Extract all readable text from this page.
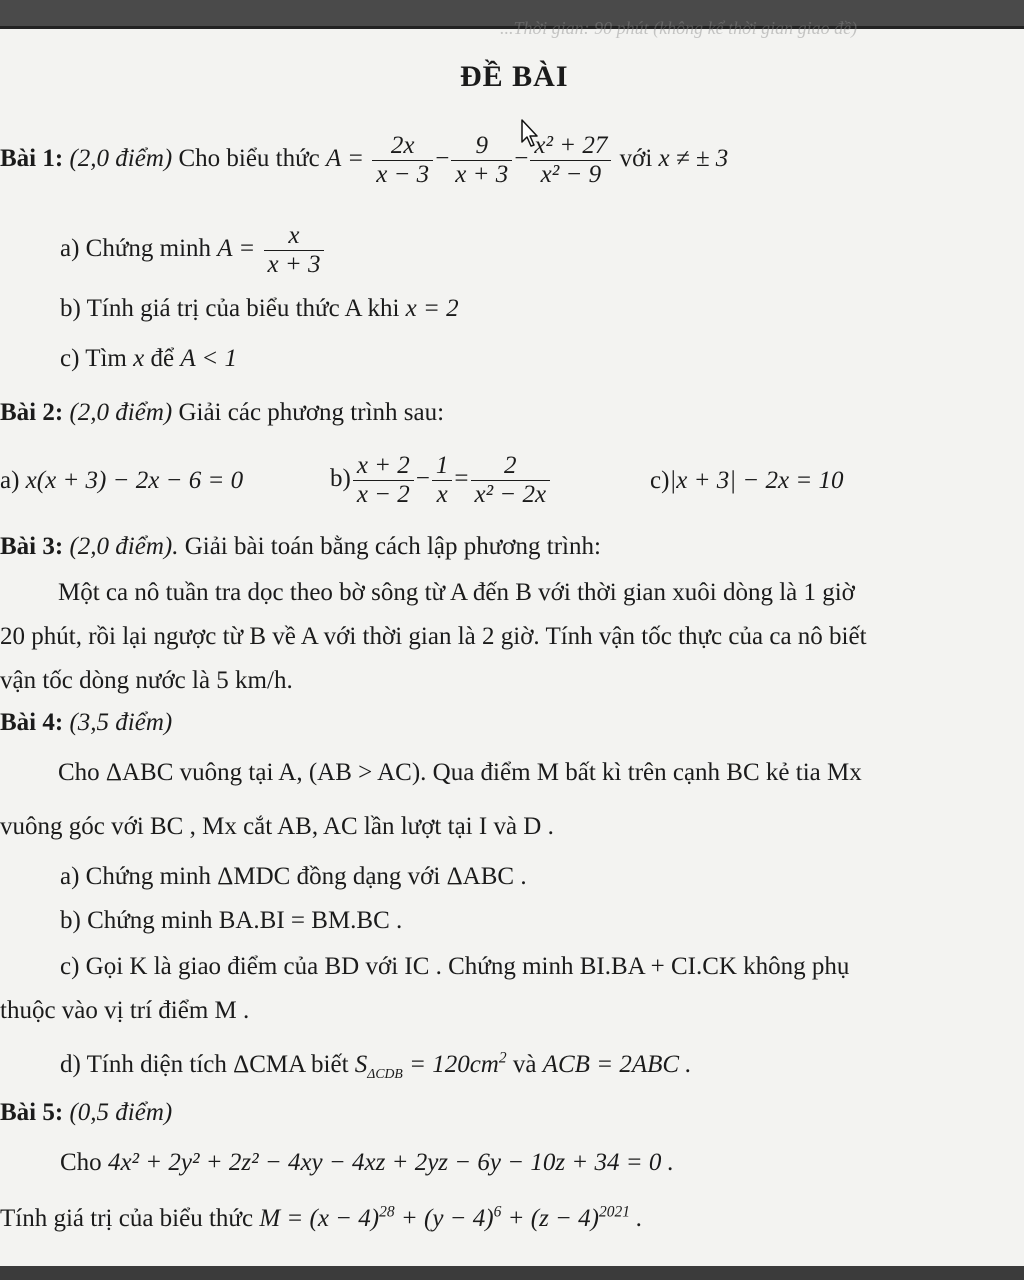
...Thời gian: 90 phút (không kể thời gian giao đề)
ĐỀ BÀI
Bài 1: (2,0 điểm) Cho biểu thức $A = \frac{2x}{x - 3} - \frac{9}{x + 3} - \frac{\text{x² + 27}}{\text{x² − 9}}$ với x ≠ ± 3
a) Chứng minh $A = \frac{x}{x + 3}$
b) Tính giá trị của biểu thức A khi x = 2
c) Tìm x để A < 1
Bài 2: (2,0 điểm) Giải các phương trình sau:
a) x(x + 3) − 2x − 6 = 0	$b) \frac{x + 2}{x - 2} - \frac{1}{x} = \frac{2}{\text{x² − 2x}}$	c)|x + 3| − 2x = 10
Bài 3: (2,0 điểm). Giải bài toán bằng cách lập phương trình:
Một ca nô tuần tra dọc theo bờ sông từ A đến B với thời gian xuôi dòng là 1 giờ
20 phút, rồi lại ngược từ B về A với thời gian là 2 giờ. Tính vận tốc thực của ca nô biết
vận tốc dòng nước là 5 km/h.
Bài 4: (3,5 điểm)
Cho ΔABC vuông tại A, (AB > AC). Qua điểm M bất kì trên cạnh BC kẻ tia Mx
vuông góc với BC , Mx cắt AB, AC lần lượt tại I và D .
a) Chứng minh ΔMDC đồng dạng với ΔABC .
b) Chứng minh BA.BI = BM.BC .
c) Gọi K là giao điểm của BD với IC . Chứng minh BI.BA + CI.CK không phụ
thuộc vào vị trí điểm M .
d) Tính diện tích ΔCMA biết $S_{\Delta CDB} = 120cm^2$ và ACB = 2ABC .
Bài 5: (0,5 điểm)
Cho 4x² + 2y² + 2z² − 4xy − 4xz + 2yz − 6y − 10z + 34 = 0 .
Tính giá trị của biểu thức $M = (x - 4)^{28} + (y - 4)^6 + (z - 4)^{2021}$ .
